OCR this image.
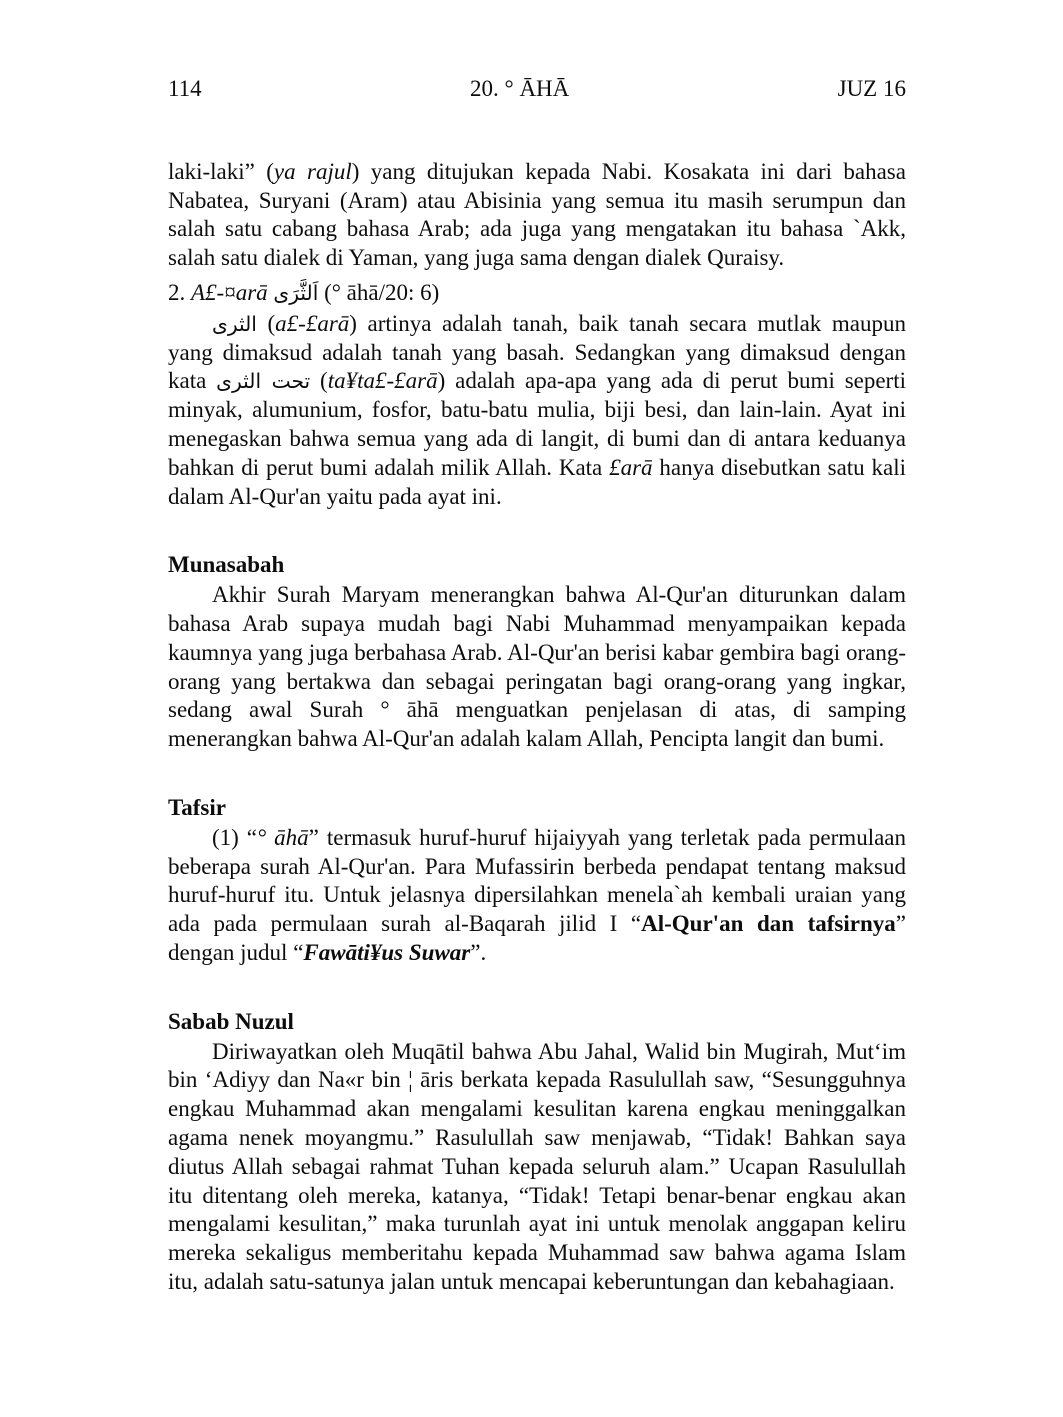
114	20. ° ĀHĀ	JUZ 16

laki-laki” (ya rajul) yang ditujukan kepada Nabi. Kosakata ini dari bahasa Nabatea, Suryani (Aram) atau Abisinia yang semua itu masih serumpun dan salah satu cabang bahasa Arab; ada juga yang mengatakan itu bahasa `Akk, salah satu dialek di Yaman, yang juga sama dengan dialek Quraisy.

2. A£-¤arā اَلثَّرَى (° āhā/20: 6)

الثرى (a£-£arā) artinya adalah tanah, baik tanah secara mutlak maupun yang dimaksud adalah tanah yang basah. Sedangkan yang dimaksud dengan kata تحت الثرى (ta¥ta£-£arā) adalah apa-apa yang ada di perut bumi seperti minyak, alumunium, fosfor, batu-batu mulia, biji besi, dan lain-lain. Ayat ini menegaskan bahwa semua yang ada di langit, di bumi dan di antara keduanya bahkan di perut bumi adalah milik Allah. Kata £arā hanya disebutkan satu kali dalam Al-Qur'an yaitu pada ayat ini.

Munasabah

Akhir Surah Maryam menerangkan bahwa Al-Qur'an diturunkan dalam bahasa Arab supaya mudah bagi Nabi Muhammad menyampaikan kepada kaumnya yang juga berbahasa Arab. Al-Qur'an berisi kabar gembira bagi orang-orang yang bertakwa dan sebagai peringatan bagi orang-orang yang ingkar, sedang awal Surah ° āhā menguatkan penjelasan di atas, di samping menerangkan bahwa Al-Qur'an adalah kalam Allah, Pencipta langit dan bumi.

Tafsir

(1) “° āhā” termasuk huruf-huruf hijaiyyah yang terletak pada permulaan beberapa surah Al-Qur'an. Para Mufassirin berbeda pendapat tentang maksud huruf-huruf itu. Untuk jelasnya dipersilahkan menela`ah kembali uraian yang ada pada permulaan surah al-Baqarah jilid I “Al-Qur'an dan tafsirnya” dengan judul “Fawāti¥us Suwar”.

Sabab Nuzul

Diriwayatkan oleh Muqātil bahwa Abu Jahal, Walid bin Mugirah, Mut‘im bin ‘Adiyy dan Na«r bin ¦ āris berkata kepada Rasulullah saw, “Sesungguhnya engkau Muhammad akan mengalami kesulitan karena engkau meninggalkan agama nenek moyangmu.” Rasulullah saw menjawab, “Tidak! Bahkan saya diutus Allah sebagai rahmat Tuhan kepada seluruh alam.” Ucapan Rasulullah itu ditentang oleh mereka, katanya, “Tidak! Tetapi benar-benar engkau akan mengalami kesulitan,” maka turunlah ayat ini untuk menolak anggapan keliru mereka sekaligus memberitahu kepada Muhammad saw bahwa agama Islam itu, adalah satu-satunya jalan untuk mencapai keberuntungan dan kebahagiaan.
